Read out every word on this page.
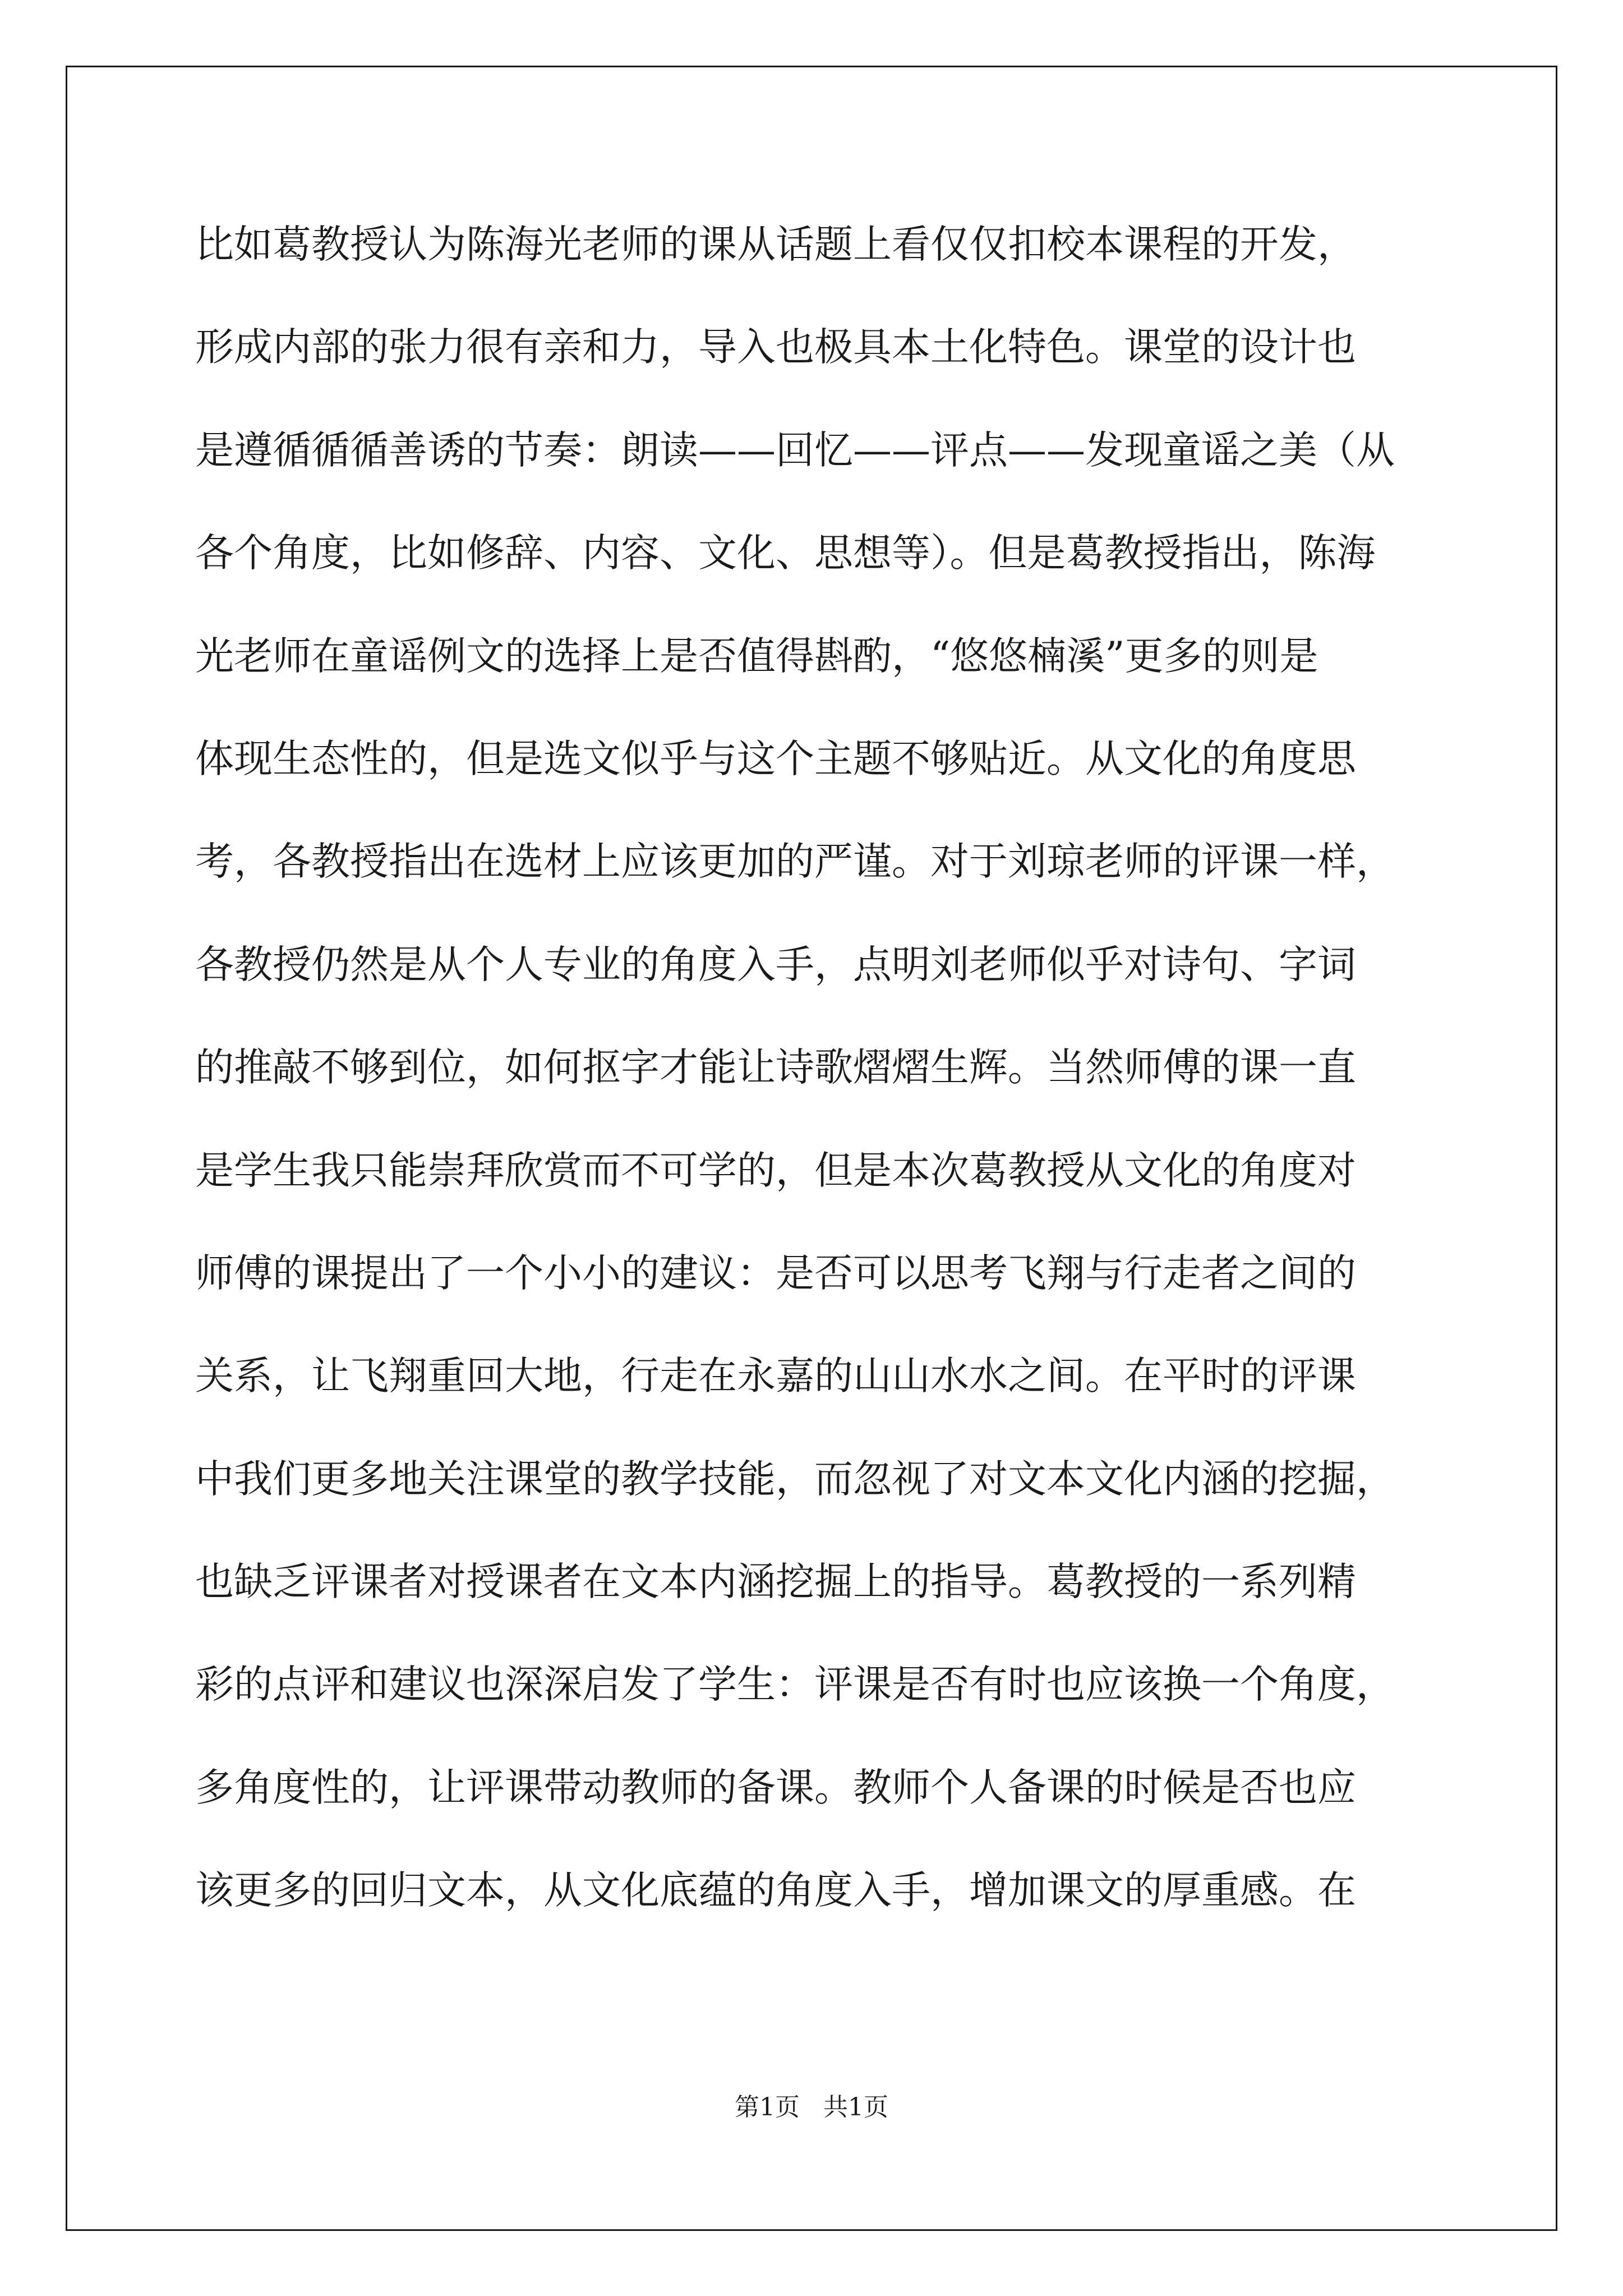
比如葛教授认为陈海光老师的课从话题上看仅仅扣校本课程的开发，
形成内部的张力很有亲和力，导入也极具本土化特色。课堂的设计也
是遵循循循善诱的节奏：朗读——回忆——评点——发现童谣之美（从
各个角度，比如修辞、内容、文化、思想等）。但是葛教授指出，陈海
光老师在童谣例文的选择上是否值得斟酌，“悠悠楠溪”更多的则是
体现生态性的，但是选文似乎与这个主题不够贴近。从文化的角度思
考，各教授指出在选材上应该更加的严谨。对于刘琼老师的评课一样，
各教授仍然是从个人专业的角度入手，点明刘老师似乎对诗句、字词
的推敲不够到位，如何抠字才能让诗歌熠熠生辉。当然师傅的课一直
是学生我只能崇拜欣赏而不可学的，但是本次葛教授从文化的角度对
师傅的课提出了一个小小的建议：是否可以思考飞翔与行走者之间的
关系，让飞翔重回大地，行走在永嘉的山山水水之间。在平时的评课
中我们更多地关注课堂的教学技能，而忽视了对文本文化内涵的挖掘，
也缺乏评课者对授课者在文本内涵挖掘上的指导。葛教授的一系列精
彩的点评和建议也深深启发了学生：评课是否有时也应该换一个角度，
多角度性的，让评课带动教师的备课。教师个人备课的时候是否也应
该更多的回归文本，从文化底蕴的角度入手，增加课文的厚重感。在
第1页   共1页
